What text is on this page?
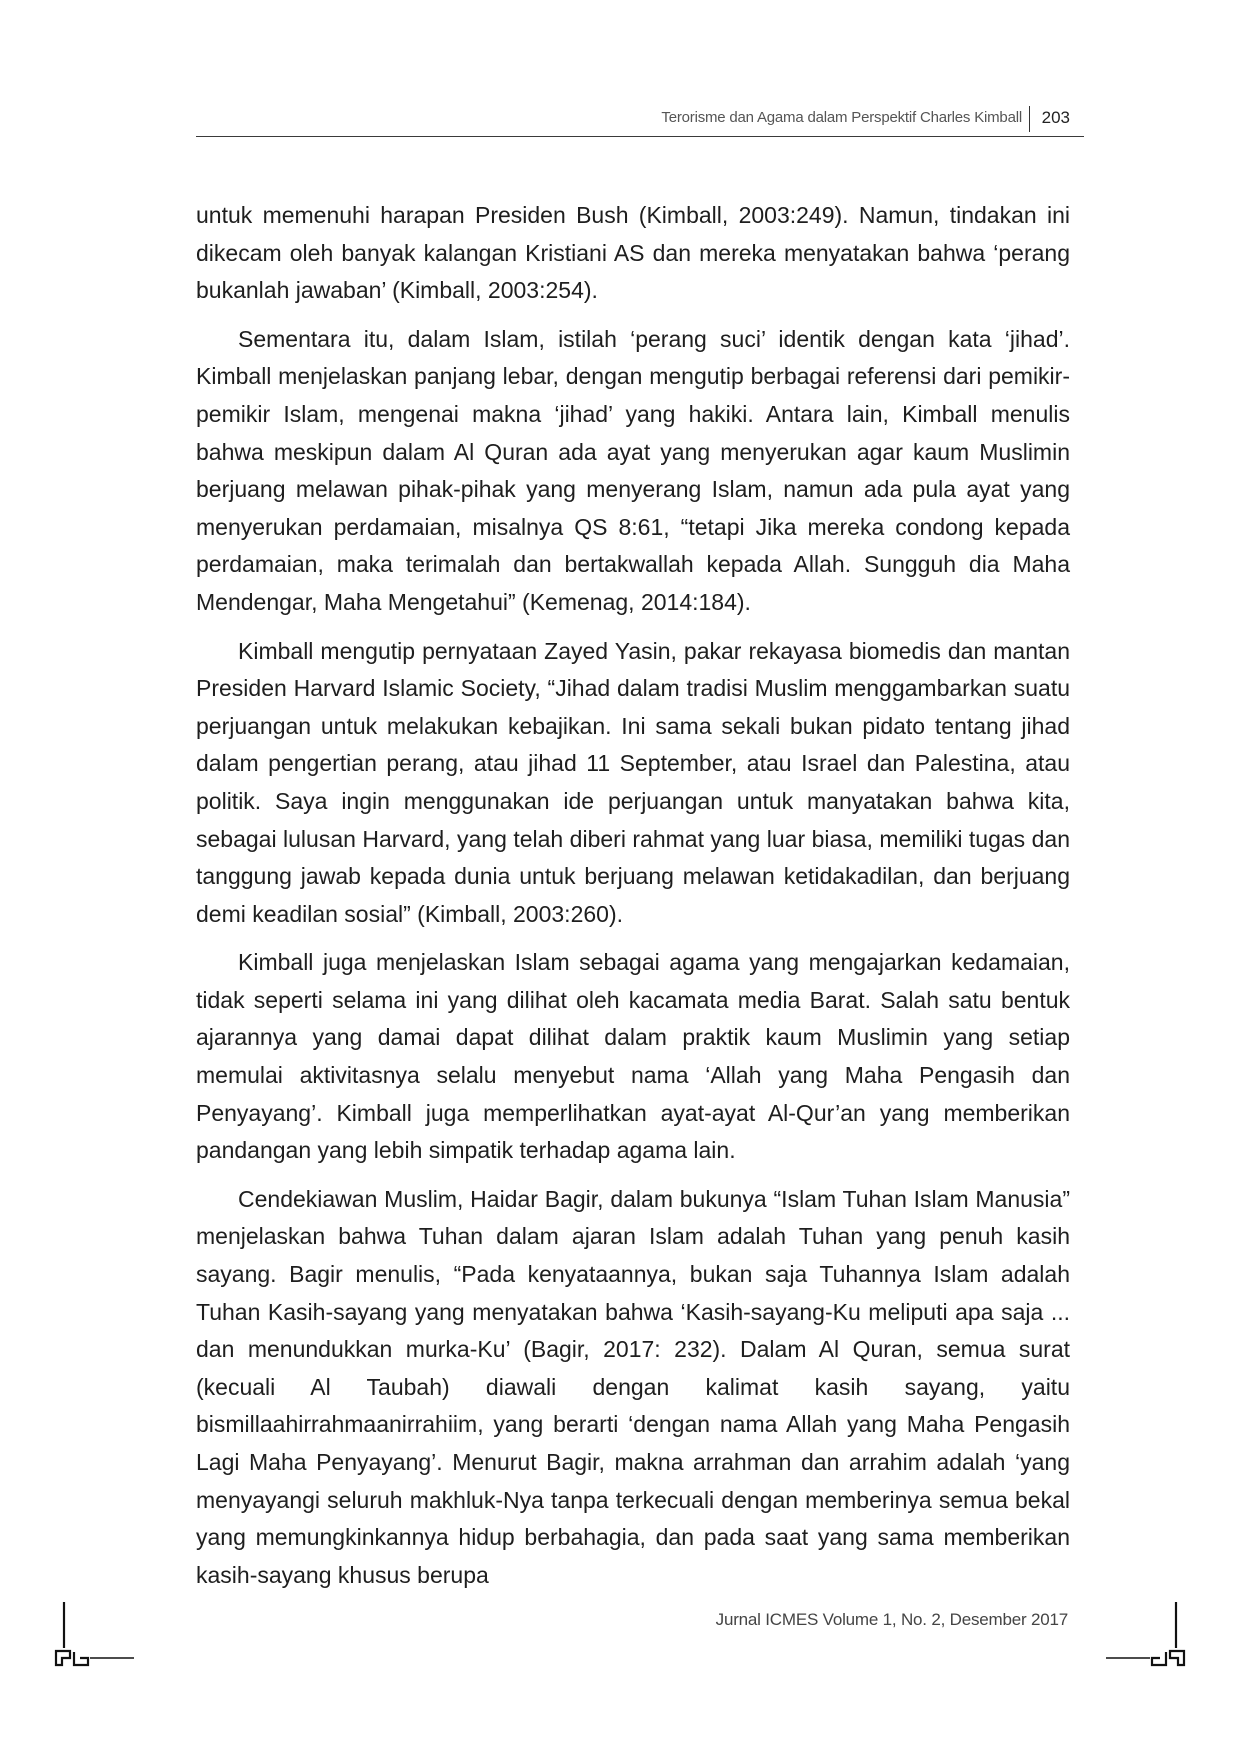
Terorisme dan Agama dalam Perspektif Charles Kimball 203

untuk memenuhi harapan Presiden Bush (Kimball, 2003:249). Namun, tindakan ini dikecam oleh banyak kalangan Kristiani AS dan mereka menyatakan bahwa ‘perang bukanlah jawaban’ (Kimball, 2003:254).

Sementara itu, dalam Islam, istilah ‘perang suci’ identik dengan kata ‘jihad’. Kimball menjelaskan panjang lebar, dengan mengutip berbagai referensi dari pemikir-pemikir Islam, mengenai makna ‘jihad’ yang hakiki. Antara lain, Kimball menulis bahwa meskipun dalam Al Quran ada ayat yang menyerukan agar kaum Muslimin berjuang melawan pihak-pihak yang menyerang Islam, namun ada pula ayat yang menyerukan perdamaian, misalnya QS 8:61, “tetapi Jika mereka condong kepada perdamaian, maka terimalah dan bertakwallah kepada Allah. Sungguh dia Maha Mendengar, Maha Mengetahui” (Kemenag, 2014:184).

Kimball mengutip pernyataan Zayed Yasin, pakar rekayasa biomedis dan mantan Presiden Harvard Islamic Society, “Jihad dalam tradisi Muslim menggambarkan suatu perjuangan untuk melakukan kebajikan. Ini sama sekali bukan pidato tentang jihad dalam pengertian perang, atau jihad 11 September, atau Israel dan Palestina, atau politik. Saya ingin menggunakan ide perjuangan untuk manyatakan bahwa kita, sebagai lulusan Harvard, yang telah diberi rahmat yang luar biasa, memiliki tugas dan tanggung jawab kepada dunia untuk berjuang melawan ketidakadilan, dan berjuang demi keadilan sosial” (Kimball, 2003:260).

Kimball juga menjelaskan Islam sebagai agama yang mengajarkan kedamaian, tidak seperti selama ini yang dilihat oleh kacamata media Barat. Salah satu bentuk ajarannya yang damai dapat dilihat dalam praktik kaum Muslimin yang setiap memulai aktivitasnya selalu menyebut nama ‘Allah yang Maha Pengasih dan Penyayang’. Kimball juga memperlihatkan ayat-ayat Al-Qur’an yang memberikan pandangan yang lebih simpatik terhadap agama lain.

Cendekiawan Muslim, Haidar Bagir, dalam bukunya “Islam Tuhan Islam Manusia” menjelaskan bahwa Tuhan dalam ajaran Islam adalah Tuhan yang penuh kasih sayang. Bagir menulis, “Pada kenyataannya, bukan saja Tuhannya Islam adalah Tuhan Kasih-sayang yang menyatakan bahwa ‘Kasih-sayang-Ku meliputi apa saja ... dan menundukkan murka-Ku’ (Bagir, 2017: 232). Dalam Al Quran, semua surat (kecuali Al Taubah) diawali dengan kalimat kasih sayang, yaitu bismillaahirrahmaanirrahiim, yang berarti ‘dengan nama Allah yang Maha Pengasih Lagi Maha Penyayang’. Menurut Bagir, makna arrahman dan arrahim adalah ‘yang menyayangi seluruh makhluk-Nya tanpa terkecuali dengan memberinya semua bekal yang memungkinkannya hidup berbahagia, dan pada saat yang sama memberikan kasih-sayang khusus berupa

Jurnal ICMES Volume 1, No. 2, Desember 2017
